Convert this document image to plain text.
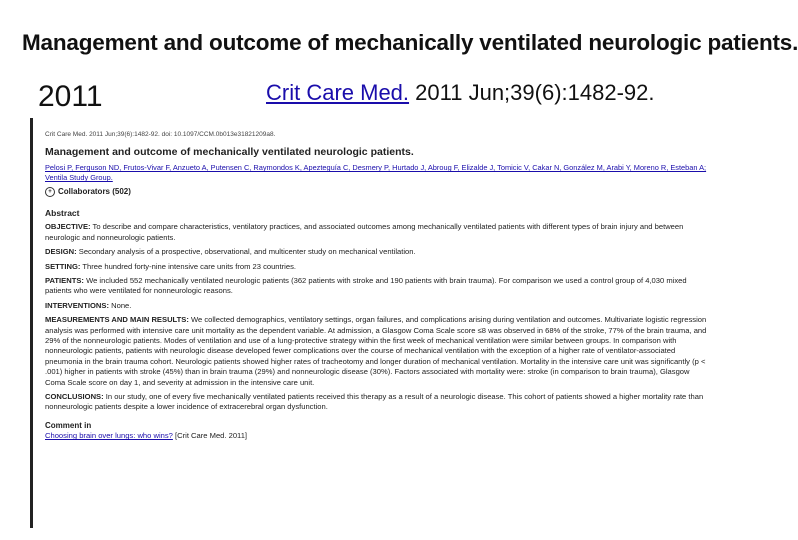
Management and outcome of mechanically ventilated neurologic patients.
2011	Crit Care Med. 2011 Jun;39(6):1482-92.
Crit Care Med. 2011 Jun;39(6):1482-92. doi: 10.1097/CCM.0b013e31821209a8.
Management and outcome of mechanically ventilated neurologic patients.
Pelosi P, Ferguson ND, Frutos-Vivar F, Anzueto A, Putensen C, Raymondos K, Apezteguía C, Desmery P, Hurtado J, Abroug F, Elizalde J, Tomicic V, Cakar N, González M, Arabi Y, Moreno R, Esteban A; Ventila Study Group.
+ Collaborators (502)
Abstract
OBJECTIVE: To describe and compare characteristics, ventilatory practices, and associated outcomes among mechanically ventilated patients with different types of brain injury and between neurologic and nonneurologic patients.
DESIGN: Secondary analysis of a prospective, observational, and multicenter study on mechanical ventilation.
SETTING: Three hundred forty-nine intensive care units from 23 countries.
PATIENTS: We included 552 mechanically ventilated neurologic patients (362 patients with stroke and 190 patients with brain trauma). For comparison we used a control group of 4,030 mixed patients who were ventilated for nonneurologic reasons.
INTERVENTIONS: None.
MEASUREMENTS AND MAIN RESULTS: We collected demographics, ventilatory settings, organ failures, and complications arising during ventilation and outcomes. Multivariate logistic regression analysis was performed with intensive care unit mortality as the dependent variable. At admission, a Glasgow Coma Scale score ≤8 was observed in 68% of the stroke, 77% of the brain trauma, and 29% of the nonneurologic patients. Modes of ventilation and use of a lung-protective strategy within the first week of mechanical ventilation were similar between groups. In comparison with nonneurologic patients, patients with neurologic disease developed fewer complications over the course of mechanical ventilation with the exception of a higher rate of ventilator-associated pneumonia in the brain trauma cohort. Neurologic patients showed higher rates of tracheotomy and longer duration of mechanical ventilation. Mortality in the intensive care unit was significantly (p < .001) higher in patients with stroke (45%) than in brain trauma (29%) and nonneurologic disease (30%). Factors associated with mortality were: stroke (in comparison to brain trauma), Glasgow Coma Scale score on day 1, and severity at admission in the intensive care unit.
CONCLUSIONS: In our study, one of every five mechanically ventilated patients received this therapy as a result of a neurologic disease. This cohort of patients showed a higher mortality rate than nonneurologic patients despite a lower incidence of extracerebral organ dysfunction.
Comment in
Choosing brain over lungs: who wins? [Crit Care Med. 2011]
